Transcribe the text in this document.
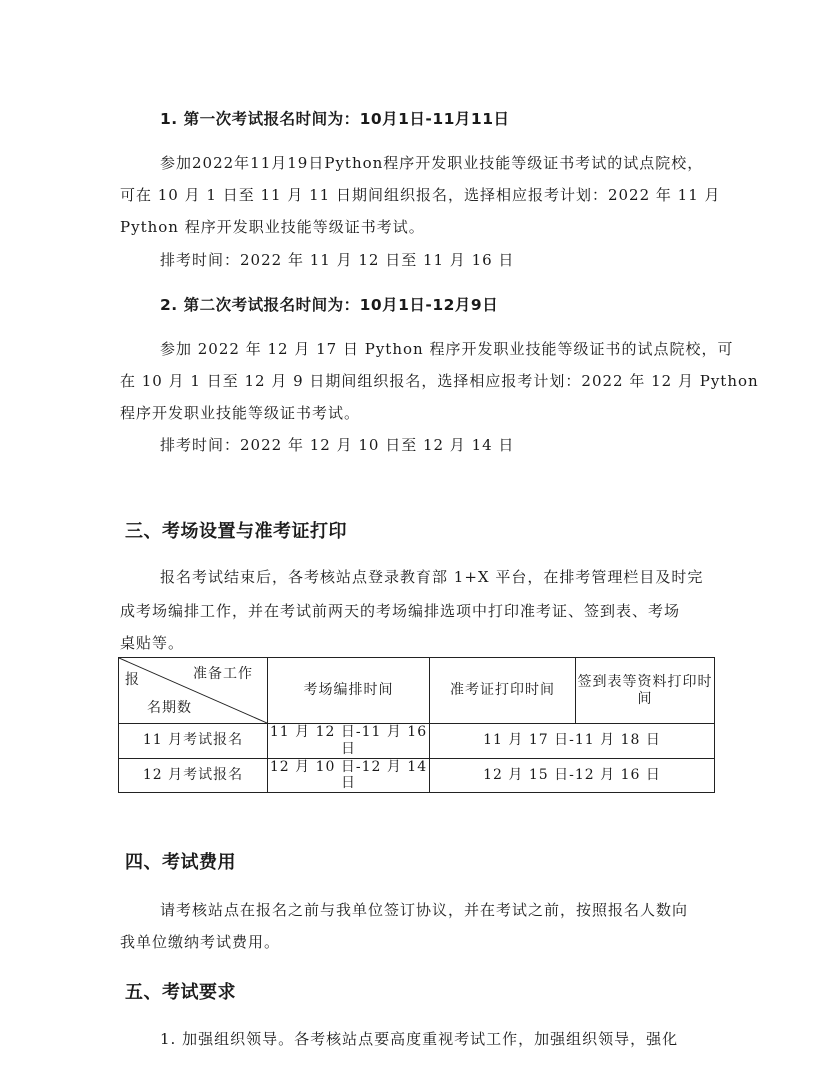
1. 第一次考试报名时间为：10月1日-11月11日
参加2022年11月19日Python程序开发职业技能等级证书考试的试点院校，
可在 10 月 1 日至 11 月 11 日期间组织报名，选择相应报考计划：2022 年 11 月
Python 程序开发职业技能等级证书考试。
排考时间：2022 年 11 月 12 日至 11 月 16 日
2. 第二次考试报名时间为：10月1日-12月9日
参加 2022 年 12 月 17 日 Python 程序开发职业技能等级证书的试点院校，可
在 10 月 1 日至 12 月 9 日期间组织报名，选择相应报考计划：2022 年 12 月 Python
程序开发职业技能等级证书考试。
排考时间：2022 年 12 月 10 日至 12 月 14 日
三、考场设置与准考证打印
报名考试结束后，各考核站点登录教育部 1+X 平台，在排考管理栏目及时完
成考场编排工作，并在考试前两天的考场编排选项中打印准考证、签到表、考场
桌贴等。
准备工作
报
名期数	考场编排时间	准考证打印时间	签到表等资料打印时间
11 月考试报名	11 月 12 日-11 月 16 日	11 月 17 日-11 月 18 日	
12 月考试报名	12 月 10 日-12 月 14 日	12 月 15 日-12 月 16 日	
四、考试费用
请考核站点在报名之前与我单位签订协议，并在考试之前，按照报名人数向
我单位缴纳考试费用。
五、考试要求
1. 加强组织领导。各考核站点要高度重视考试工作，加强组织领导，强化
